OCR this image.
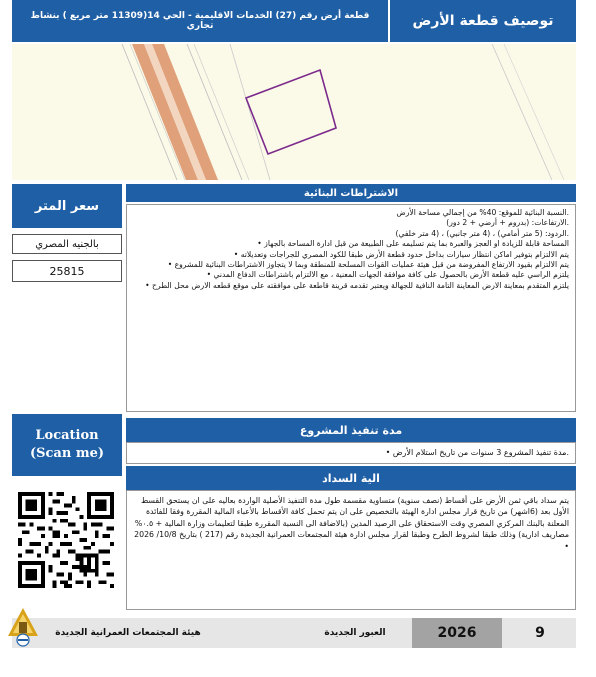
توصيف قطعة الأرض
قطعة أرض رقم (27) الخدمات الاقليمية - الحي 14(11309 متر مربع ) بنشاط تجاري
سعر المتر
بالجنيه المصري
25815
الاشتراطات البنائية

.النسبة البنائية للموقع: 40% من إجمالي مساحة الأرض

.الارتفاعات: (بدروم + أرضي + 2 دور)

.الردود: (5 متر أمامي) ، (4 متر جانبي) ، (4 متر خلفي)

المساحة قابلة للزيادة او العجز والعبرة بما يتم تسليمه على الطبيعة من قبل ادارة المساحة بالجهاز •

يتم الالتزام بتوفير اماكن انتظار سيارات بداخل حدود قطعة الأرض طبقا للكود المصري للجراجات وتعديلاته •

يتم الالتزام بقيود الارتفاع المفروضة من قبل هيئة عمليات القوات المسلحة للمنطقة وبما لا يتجاوز الاشتراطات البنائية للمشروع •

يلتزم الراسي عليه قطعة الأرض بالحصول على كافة موافقة الجهات المعنية ، مع الالتزام باشتراطات الدفاع المدني •

يلتزم المتقدم بمعاينة الارض المعاينة التامة النافية للجهالة ويعتبر تقدمه قرينة قاطعة على موافقته على موقع قطعه الارض محل الطرح •

Location
(Scan me)
مدة تنفيذ المشروع
.مدة تنفيذ المشروع 3 سنوات من تاريخ استلام الأرض •
الية السداد
يتم سداد باقي ثمن الأرض على أقساط (نصف سنوية) متساوية مقسمة طول مدة التنفيذ الأصلية الواردة بعاليه على ان يستحق القسط الأول بعد (6اشهر) من تاريخ قرار مجلس ادارة الهيئة بالتخصيص على ان يتم تحمل كافة الأقساط بالأعباء المالية المقررة وفقا للفائدة المعلنة بالبنك المركزي المصري وقت الاستحقاق على الرصيد المدين (بالاضافة الى النسبة المقررة طبقا لتعليمات وزارة المالية + ٠.٥% مصاريف ادارية) وذلك طبقا لشروط الطرح وطبقا لقرار مجلس ادارة هيئة المجتمعات العمرانية الجديدة رقم (217 ) بتاريخ 10/8/ 2026 •
هيئة المجتمعات العمرانية الجديدة	العبور الجديدة	2026	9
